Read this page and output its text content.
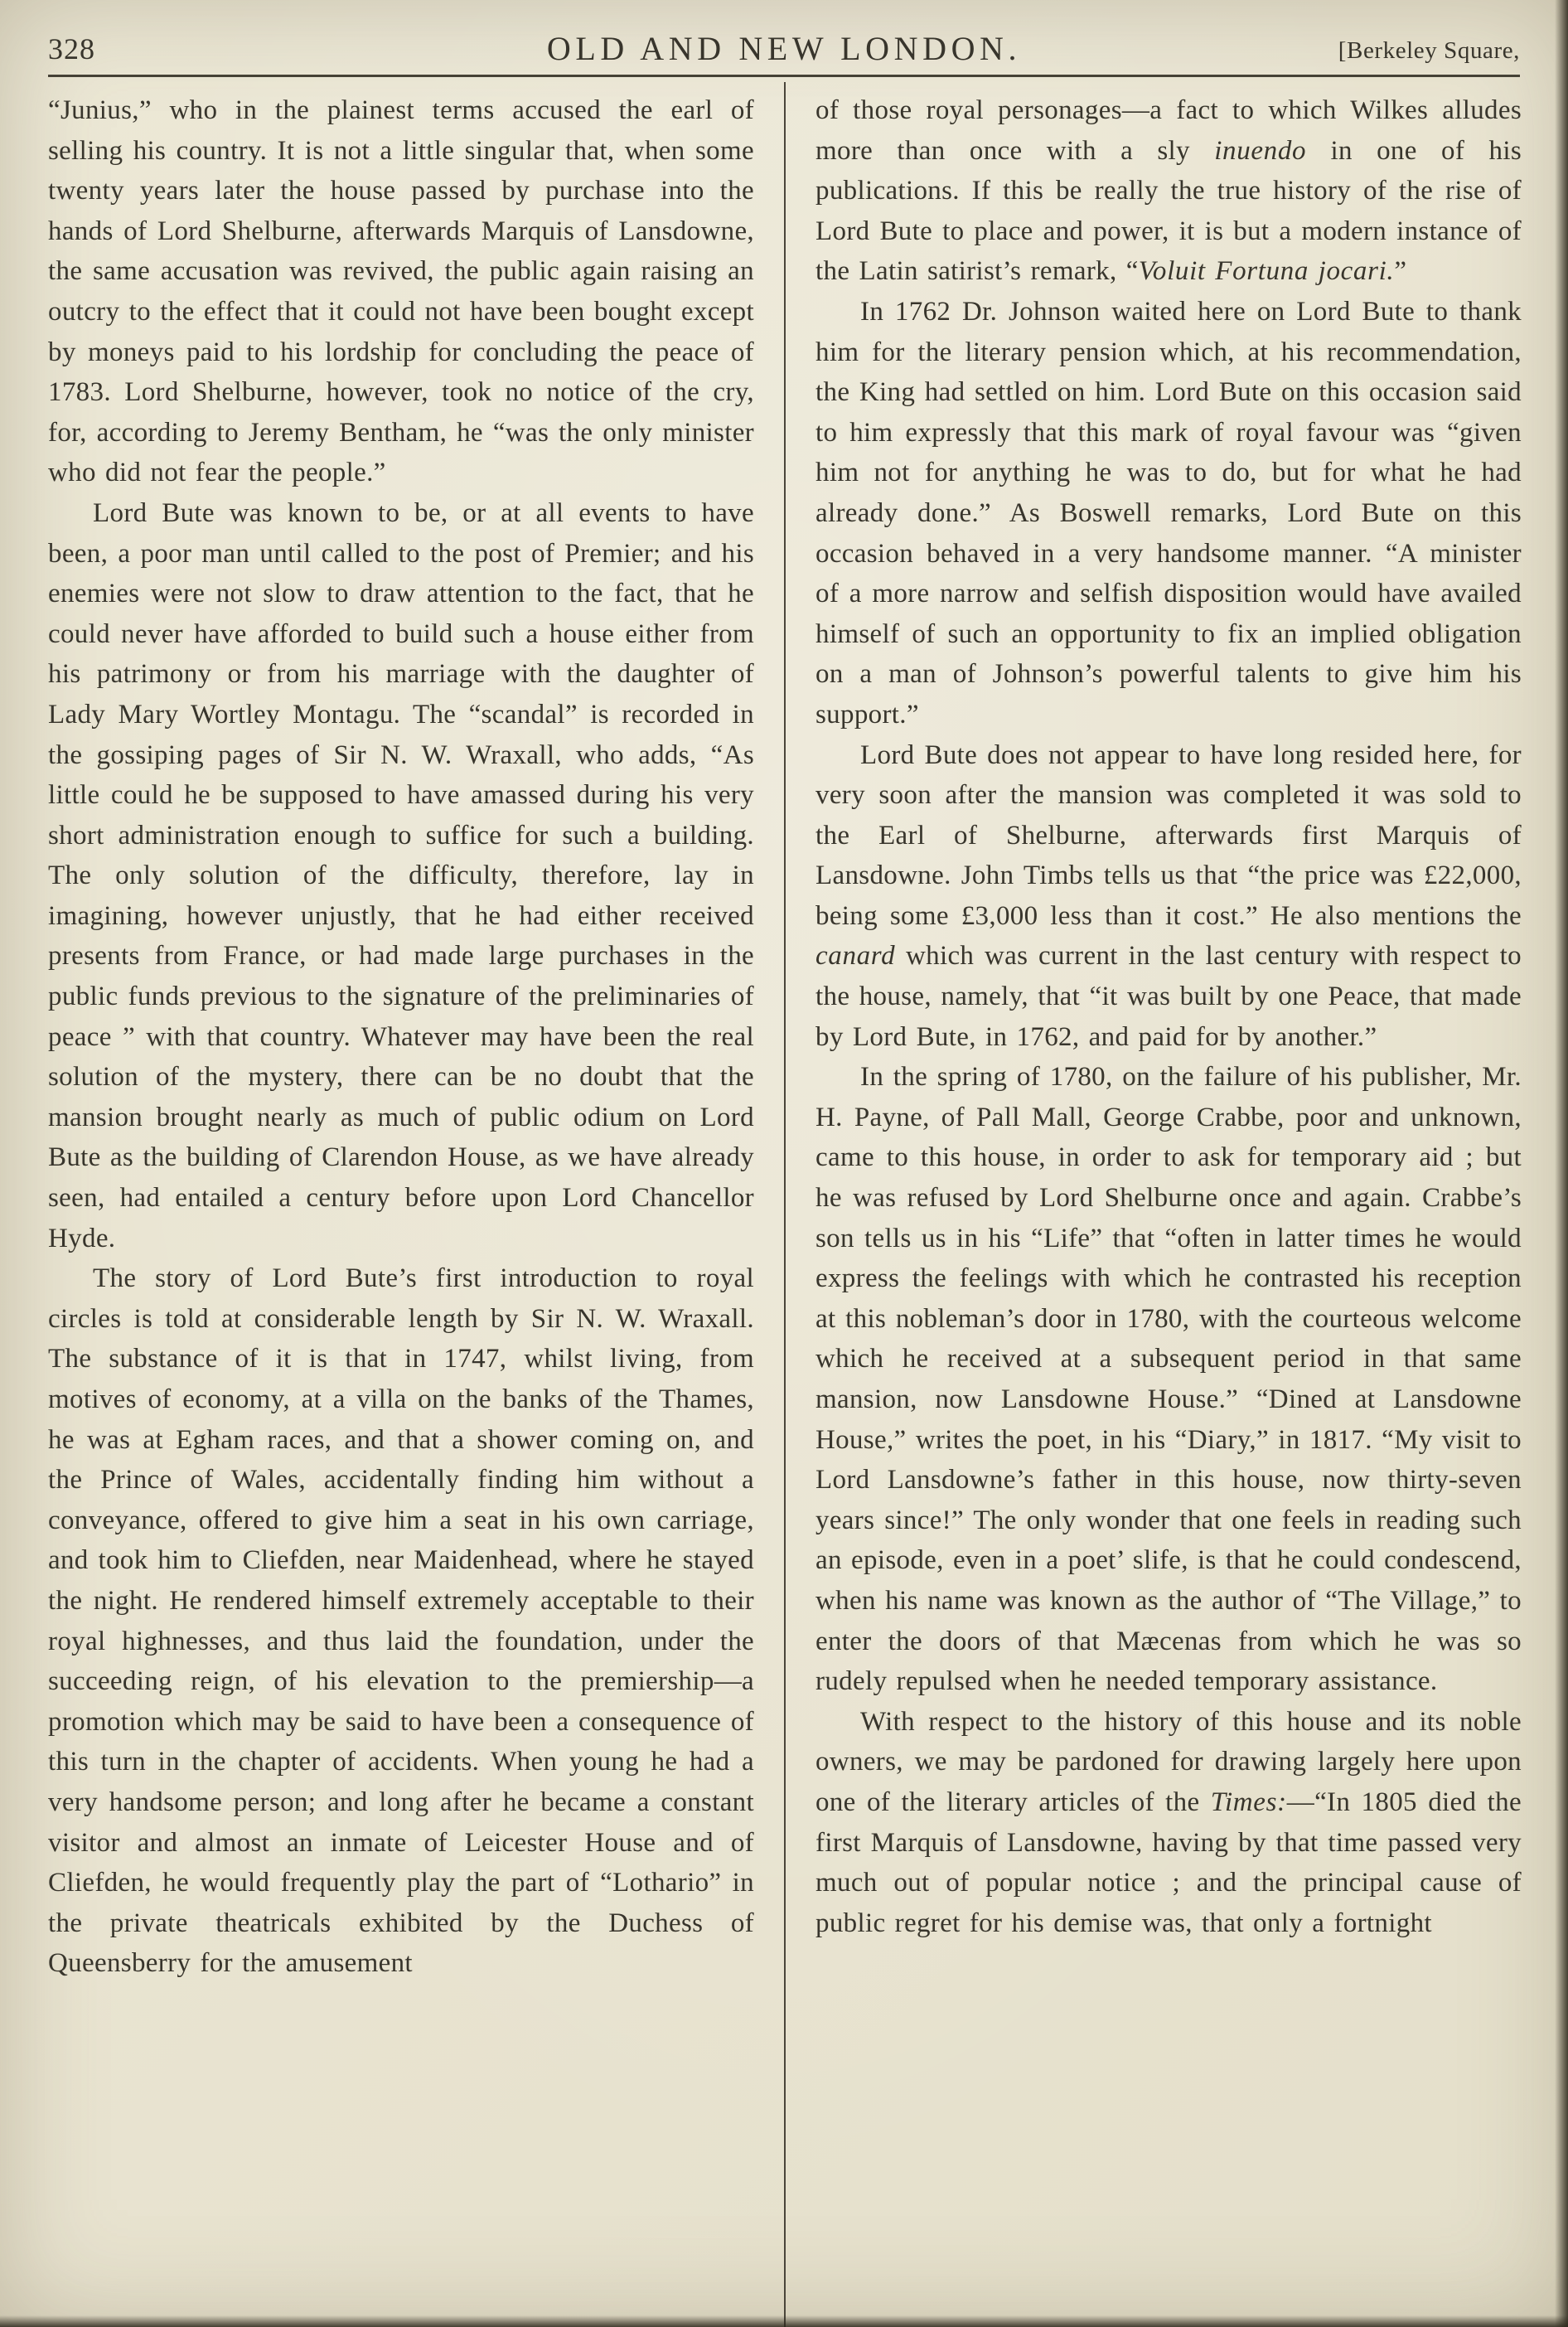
328	OLD AND NEW LONDON.	[Berkeley Square,

“Junius,” who in the plainest terms accused the earl of selling his country. It is not a little singular that, when some twenty years later the house passed by purchase into the hands of Lord Shelburne, afterwards Marquis of Lansdowne, the same accusation was revived, the public again raising an outcry to the effect that it could not have been bought except by moneys paid to his lordship for concluding the peace of 1783. Lord Shelburne, however, took no notice of the cry, for, according to Jeremy Bentham, he “was the only minister who did not fear the people.”

Lord Bute was known to be, or at all events to have been, a poor man until called to the post of Premier; and his enemies were not slow to draw attention to the fact, that he could never have afforded to build such a house either from his patrimony or from his marriage with the daughter of Lady Mary Wortley Montagu. The “scandal” is recorded in the gossiping pages of Sir N. W. Wraxall, who adds, “As little could he be supposed to have amassed during his very short administration enough to suffice for such a building. The only solution of the difficulty, therefore, lay in imagining, however unjustly, that he had either received presents from France, or had made large purchases in the public funds previous to the signature of the preliminaries of peace ” with that country. Whatever may have been the real solution of the mystery, there can be no doubt that the mansion brought nearly as much of public odium on Lord Bute as the building of Clarendon House, as we have already seen, had entailed a century before upon Lord Chancellor Hyde.

The story of Lord Bute’s first introduction to royal circles is told at considerable length by Sir N. W. Wraxall. The substance of it is that in 1747, whilst living, from motives of economy, at a villa on the banks of the Thames, he was at Egham races, and that a shower coming on, and the Prince of Wales, accidentally finding him without a conveyance, offered to give him a seat in his own carriage, and took him to Cliefden, near Maidenhead, where he stayed the night. He rendered himself extremely acceptable to their royal highnesses, and thus laid the foundation, under the succeeding reign, of his elevation to the premiership—a promotion which may be said to have been a consequence of this turn in the chapter of accidents. When young he had a very handsome person; and long after he became a constant visitor and almost an inmate of Leicester House and of Cliefden, he would frequently play the part of “Lothario” in the private theatricals exhibited by the Duchess of Queensberry for the amusement

of those royal personages—a fact to which Wilkes alludes more than once with a sly inuendo in one of his publications. If this be really the true history of the rise of Lord Bute to place and power, it is but a modern instance of the Latin satirist’s remark, “Voluit Fortuna jocari.”

In 1762 Dr. Johnson waited here on Lord Bute to thank him for the literary pension which, at his recommendation, the King had settled on him. Lord Bute on this occasion said to him expressly that this mark of royal favour was “given him not for anything he was to do, but for what he had already done.” As Boswell remarks, Lord Bute on this occasion behaved in a very handsome manner. “A minister of a more narrow and selfish disposition would have availed himself of such an opportunity to fix an implied obligation on a man of Johnson’s powerful talents to give him his support.”

Lord Bute does not appear to have long resided here, for very soon after the mansion was completed it was sold to the Earl of Shelburne, afterwards first Marquis of Lansdowne. John Timbs tells us that “the price was £22,000, being some £3,000 less than it cost.” He also mentions the canard which was current in the last century with respect to the house, namely, that “it was built by one Peace, that made by Lord Bute, in 1762, and paid for by another.”

In the spring of 1780, on the failure of his publisher, Mr. H. Payne, of Pall Mall, George Crabbe, poor and unknown, came to this house, in order to ask for temporary aid ; but he was refused by Lord Shelburne once and again. Crabbe’s son tells us in his “Life” that “often in latter times he would express the feelings with which he contrasted his reception at this nobleman’s door in 1780, with the courteous welcome which he received at a subsequent period in that same mansion, now Lansdowne House.” “Dined at Lansdowne House,” writes the poet, in his “Diary,” in 1817. “My visit to Lord Lansdowne’s father in this house, now thirty-seven years since!” The only wonder that one feels in reading such an episode, even in a poet’ slife, is that he could condescend, when his name was known as the author of “The Village,” to enter the doors of that Mæcenas from which he was so rudely repulsed when he needed temporary assistance.

With respect to the history of this house and its noble owners, we may be pardoned for drawing largely here upon one of the literary articles of the Times:—“In 1805 died the first Marquis of Lansdowne, having by that time passed very much out of popular notice ; and the principal cause of public regret for his demise was, that only a fortnight
